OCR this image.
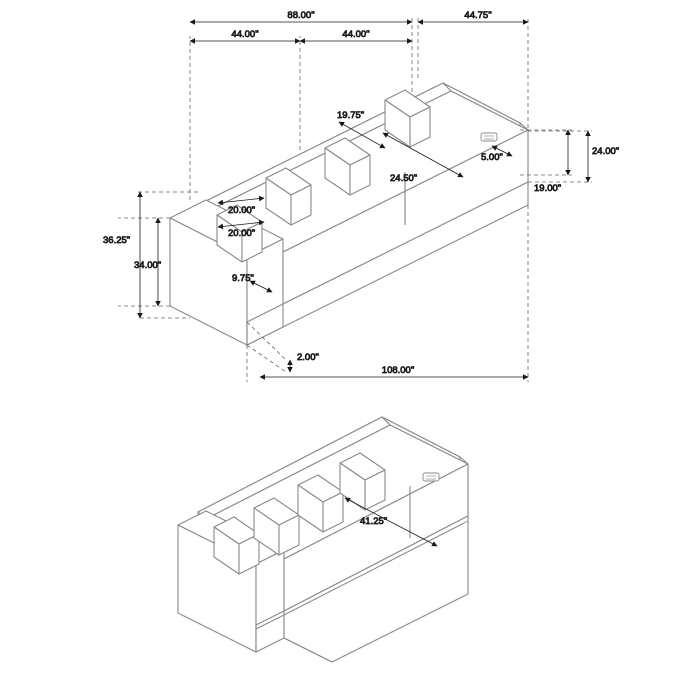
88.00"
44.00"	44.00"
44.75"
24.00"
19.00"
5.00"
19.75"
24.50"
20.00"
20.00"
36.25"
34.00"
9.75"
2.00"
108.00"
41.25"
